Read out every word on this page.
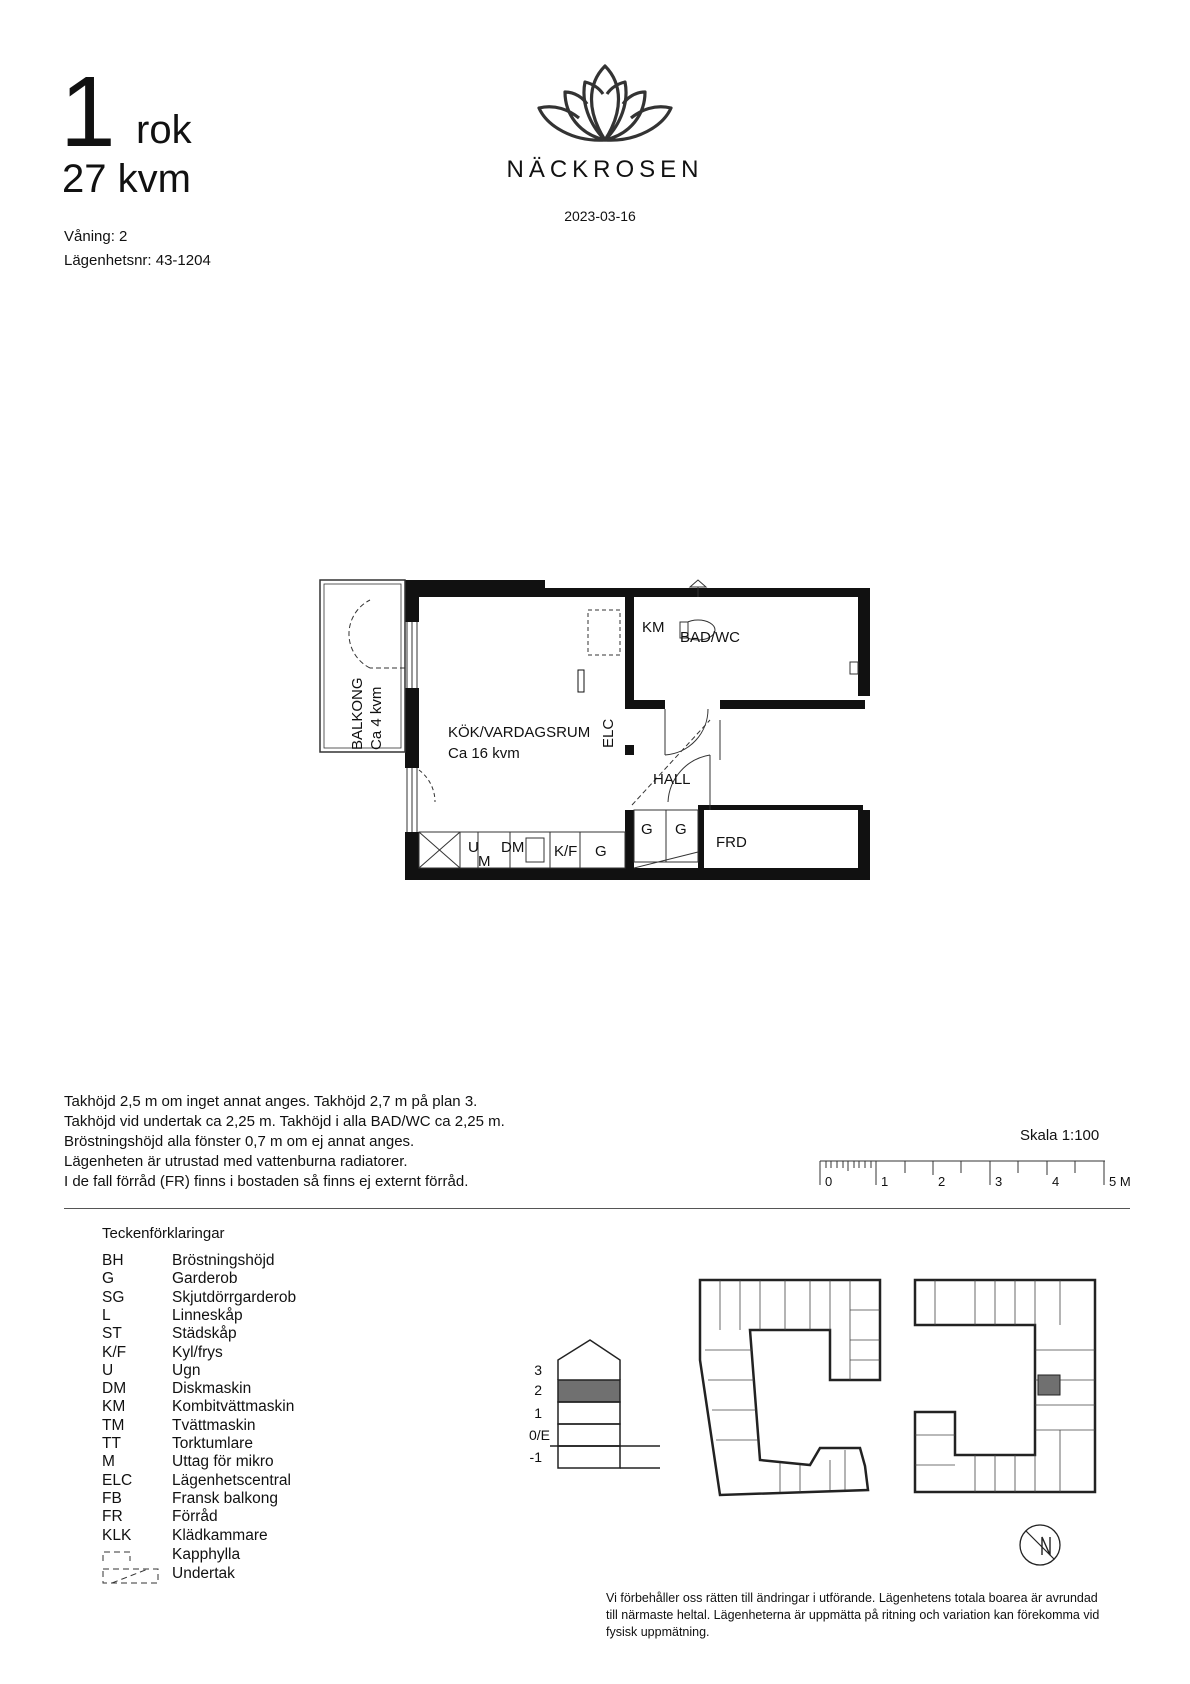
1 rok
27 kvm
Våning: 2
Lägenhetsnr: 43-1204
NÄCKROSEN
2023-03-16
BALKONG Ca 4 kvm	KÖK/VARDAGSRUM
Ca 16 kvm
BAD/WC
KM
ELC
HALL
G G
FRD
U
M
DM K/F G
Takhöjd 2,5 m om inget annat anges. Takhöjd 2,7 m på plan 3.
Takhöjd vid undertak ca 2,25 m. Takhöjd i alla BAD/WC ca 2,25 m.
Bröstningshöjd alla fönster 0,7 m om ej annat anges.
Lägenheten är utrustad med vattenburna radiatorer.
I de fall förråd (FR) finns i bostaden så finns ej externt förråd.
Skala 1:100
0	1	2	3	4	5 M
Teckenförklaringar
BH	Bröstningshöjd
G	Garderob
SG	Skjutdörrgarderob
L	Linneskåp
ST	Städskåp
K/F	Kyl/frys
U	Ugn
DM	Diskmaskin
KM	Kombitvättmaskin
TM	Tvättmaskin
TT	Torktumlare
M	Uttag för mikro
ELC	Lägenhetscentral
FB	Fransk balkong
FR	Förråd
KLK	Klädkammare
Kapphylla
Undertak
3
2
1
0/E
-1
Vi förbehåller oss rätten till ändringar i utförande. Lägenhetens totala boarea är avrundad till närmaste heltal. Lägenheterna är uppmätta på ritning och variation kan förekomma vid fysisk uppmätning.
